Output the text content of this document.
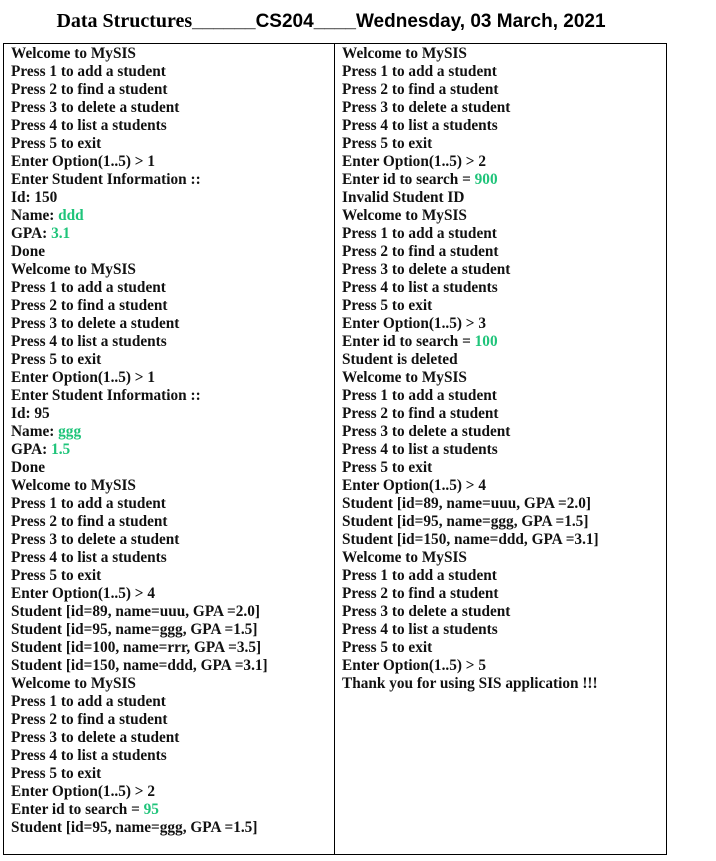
Data Structures______CS204____Wednesday, 03 March, 2021
Welcome to MySIS
Press 1 to add a student
Press 2 to find a student
Press 3 to delete a student
Press 4 to list a students
Press 5 to exit
Enter Option(1..5) > 1
Enter Student Information ::
Id: 150
Name: ddd
GPA: 3.1
Done
Welcome to MySIS
Press 1 to add a student
Press 2 to find a student
Press 3 to delete a student
Press 4 to list a students
Press 5 to exit
Enter Option(1..5) > 1
Enter Student Information ::
Id: 95
Name: ggg
GPA: 1.5
Done
Welcome to MySIS
Press 1 to add a student
Press 2 to find a student
Press 3 to delete a student
Press 4 to list a students
Press 5 to exit
Enter Option(1..5) > 4
Student [id=89, name=uuu, GPA =2.0]
Student [id=95, name=ggg, GPA =1.5]
Student [id=100, name=rrr, GPA =3.5]
Student [id=150, name=ddd, GPA =3.1]
Welcome to MySIS
Press 1 to add a student
Press 2 to find a student
Press 3 to delete a student
Press 4 to list a students
Press 5 to exit
Enter Option(1..5) > 2
Enter id to search = 95
Student [id=95, name=ggg, GPA =1.5]
Welcome to MySIS
Press 1 to add a student
Press 2 to find a student
Press 3 to delete a student
Press 4 to list a students
Press 5 to exit
Enter Option(1..5) > 2
Enter id to search = 900
Invalid Student ID
Welcome to MySIS
Press 1 to add a student
Press 2 to find a student
Press 3 to delete a student
Press 4 to list a students
Press 5 to exit
Enter Option(1..5) > 3
Enter id to search = 100
Student is deleted
Welcome to MySIS
Press 1 to add a student
Press 2 to find a student
Press 3 to delete a student
Press 4 to list a students
Press 5 to exit
Enter Option(1..5) > 4
Student [id=89, name=uuu, GPA =2.0]
Student [id=95, name=ggg, GPA =1.5]
Student [id=150, name=ddd, GPA =3.1]
Welcome to MySIS
Press 1 to add a student
Press 2 to find a student
Press 3 to delete a student
Press 4 to list a students
Press 5 to exit
Enter Option(1..5) > 5
Thank you for using SIS application !!!
